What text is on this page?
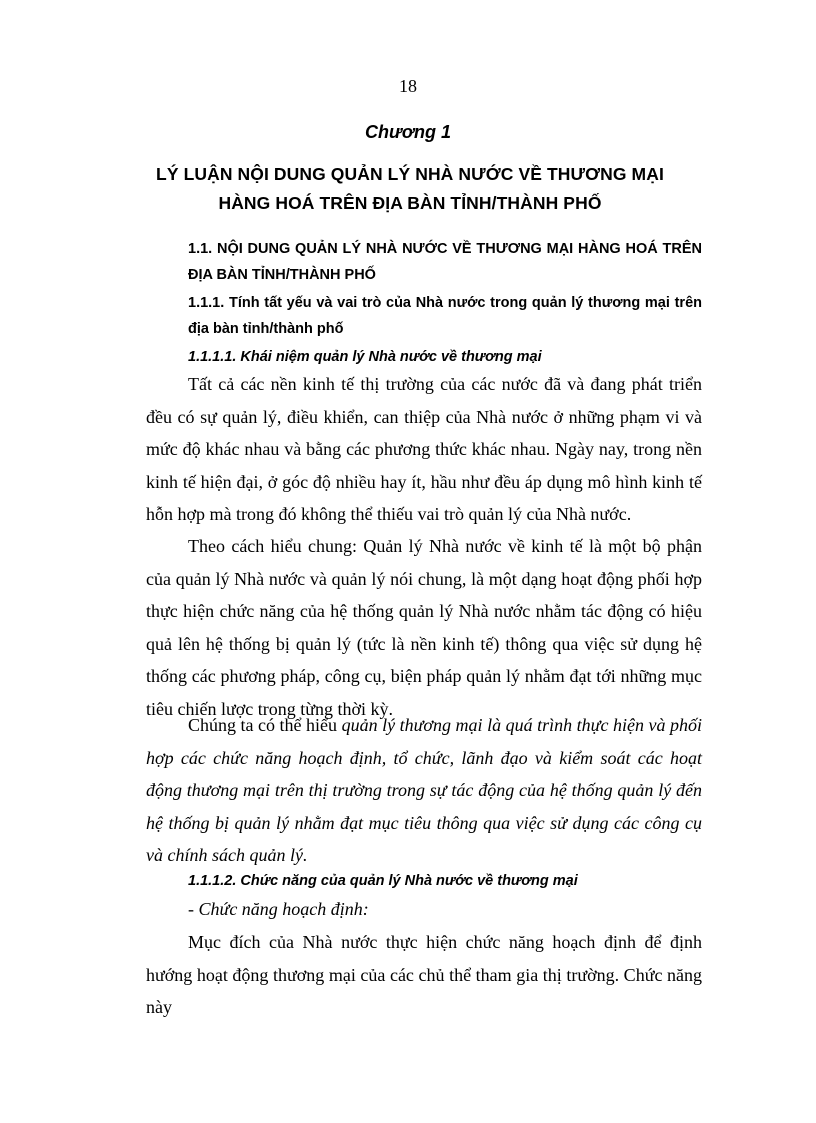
18
Chương 1
LÝ LUẬN NỘI DUNG QUẢN LÝ NHÀ NƯỚC VỀ THƯƠNG MẠI
HÀNG HOÁ TRÊN ĐỊA BÀN TỈNH/THÀNH PHỐ
1.1. NỘI DUNG QUẢN LÝ NHÀ NƯỚC VỀ THƯƠNG MẠI HÀNG HOÁ TRÊN ĐỊA BÀN TỈNH/THÀNH PHỐ
1.1.1. Tính tất yếu và vai trò của Nhà nước trong quản lý thương mại trên địa bàn tỉnh/thành phố
1.1.1.1. Khái niệm quản lý Nhà nước về thương mại

Tất cả các nền kinh tế thị trường của các nước đã và đang phát triển đều có sự quản lý, điều khiển, can thiệp của Nhà nước ở những phạm vi và mức độ khác nhau và bằng các phương thức khác nhau. Ngày nay, trong nền kinh tế hiện đại, ở góc độ nhiều hay ít, hầu như đều áp dụng mô hình kinh tế hỗn hợp mà trong đó không thể thiếu vai trò quản lý của Nhà nước.

Theo cách hiểu chung: Quản lý Nhà nước về kinh tế là một bộ phận của quản lý Nhà nước và quản lý nói chung, là một dạng hoạt động phối hợp thực hiện chức năng của hệ thống quản lý Nhà nước nhằm tác động có hiệu quả lên hệ thống bị quản lý (tức là nền kinh tế) thông qua việc sử dụng hệ thống các phương pháp, công cụ, biện pháp quản lý nhằm đạt tới những mục tiêu chiến lược trong từng thời kỳ.

Chúng ta có thể hiểu quản lý thương mại là quá trình thực hiện và phối hợp các chức năng hoạch định, tổ chức, lãnh đạo và kiểm soát các hoạt động thương mại trên thị trường trong sự tác động của hệ thống quản lý đến hệ thống bị quản lý nhằm đạt mục tiêu thông qua việc sử dụng các công cụ và chính sách quản lý.

1.1.1.2. Chức năng của quản lý Nhà nước về thương mại
- Chức năng hoạch định:

Mục đích của Nhà nước thực hiện chức năng hoạch định để định hướng hoạt động thương mại của các chủ thể tham gia thị trường. Chức năng này
